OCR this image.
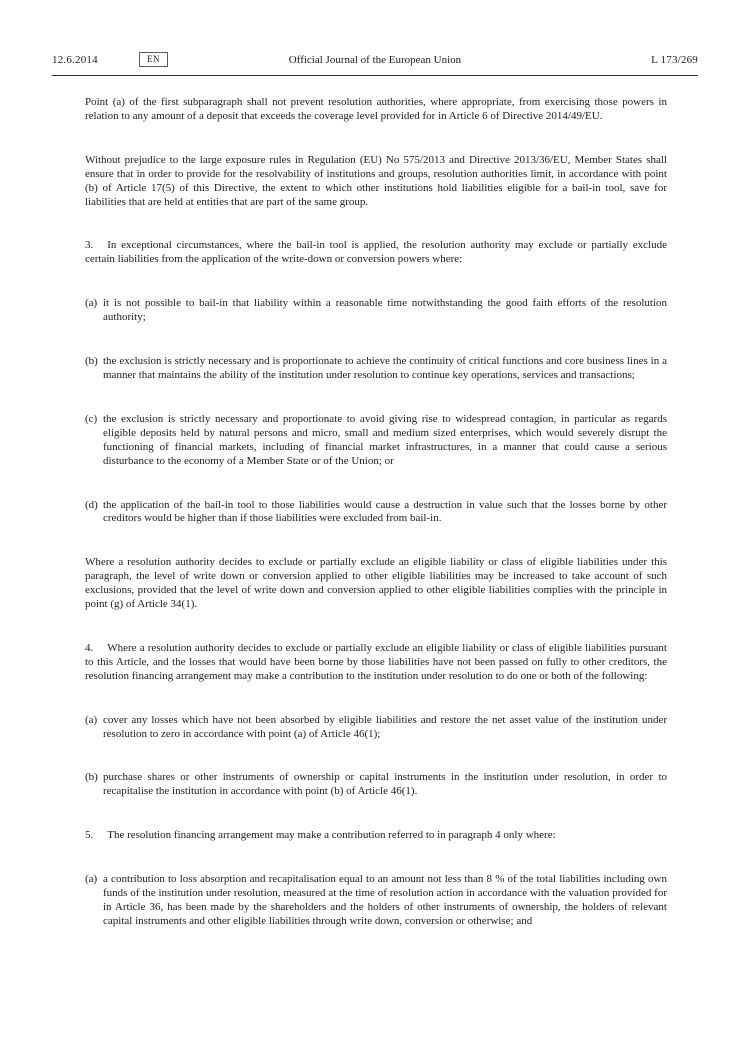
12.6.2014	EN	Official Journal of the European Union	L 173/269
Point (a) of the first subparagraph shall not prevent resolution authorities, where appropriate, from exercising those powers in relation to any amount of a deposit that exceeds the coverage level provided for in Article 6 of Directive 2014/49/EU.
Without prejudice to the large exposure rules in Regulation (EU) No 575/2013 and Directive 2013/36/EU, Member States shall ensure that in order to provide for the resolvability of institutions and groups, resolution authorities limit, in accordance with point (b) of Article 17(5) of this Directive, the extent to which other institutions hold liabilities eligible for a bail-in tool, save for liabilities that are held at entities that are part of the same group.
3. In exceptional circumstances, where the bail-in tool is applied, the resolution authority may exclude or partially exclude certain liabilities from the application of the write-down or conversion powers where:
(a) it is not possible to bail-in that liability within a reasonable time notwithstanding the good faith efforts of the resolution authority;
(b) the exclusion is strictly necessary and is proportionate to achieve the continuity of critical functions and core business lines in a manner that maintains the ability of the institution under resolution to continue key operations, services and transactions;
(c) the exclusion is strictly necessary and proportionate to avoid giving rise to widespread contagion, in particular as regards eligible deposits held by natural persons and micro, small and medium sized enterprises, which would severely disrupt the functioning of financial markets, including of financial market infrastructures, in a manner that could cause a serious disturbance to the economy of a Member State or of the Union; or
(d) the application of the bail-in tool to those liabilities would cause a destruction in value such that the losses borne by other creditors would be higher than if those liabilities were excluded from bail-in.
Where a resolution authority decides to exclude or partially exclude an eligible liability or class of eligible liabilities under this paragraph, the level of write down or conversion applied to other eligible liabilities may be increased to take account of such exclusions, provided that the level of write down and conversion applied to other eligible liabilities complies with the principle in point (g) of Article 34(1).
4. Where a resolution authority decides to exclude or partially exclude an eligible liability or class of eligible liabilities pursuant to this Article, and the losses that would have been borne by those liabilities have not been passed on fully to other creditors, the resolution financing arrangement may make a contribution to the institution under resolution to do one or both of the following:
(a) cover any losses which have not been absorbed by eligible liabilities and restore the net asset value of the institution under resolution to zero in accordance with point (a) of Article 46(1);
(b) purchase shares or other instruments of ownership or capital instruments in the institution under resolution, in order to recapitalise the institution in accordance with point (b) of Article 46(1).
5. The resolution financing arrangement may make a contribution referred to in paragraph 4 only where:
(a) a contribution to loss absorption and recapitalisation equal to an amount not less than 8 % of the total liabilities including own funds of the institution under resolution, measured at the time of resolution action in accordance with the valuation provided for in Article 36, has been made by the shareholders and the holders of other instruments of ownership, the holders of relevant capital instruments and other eligible liabilities through write down, conversion or otherwise; and
